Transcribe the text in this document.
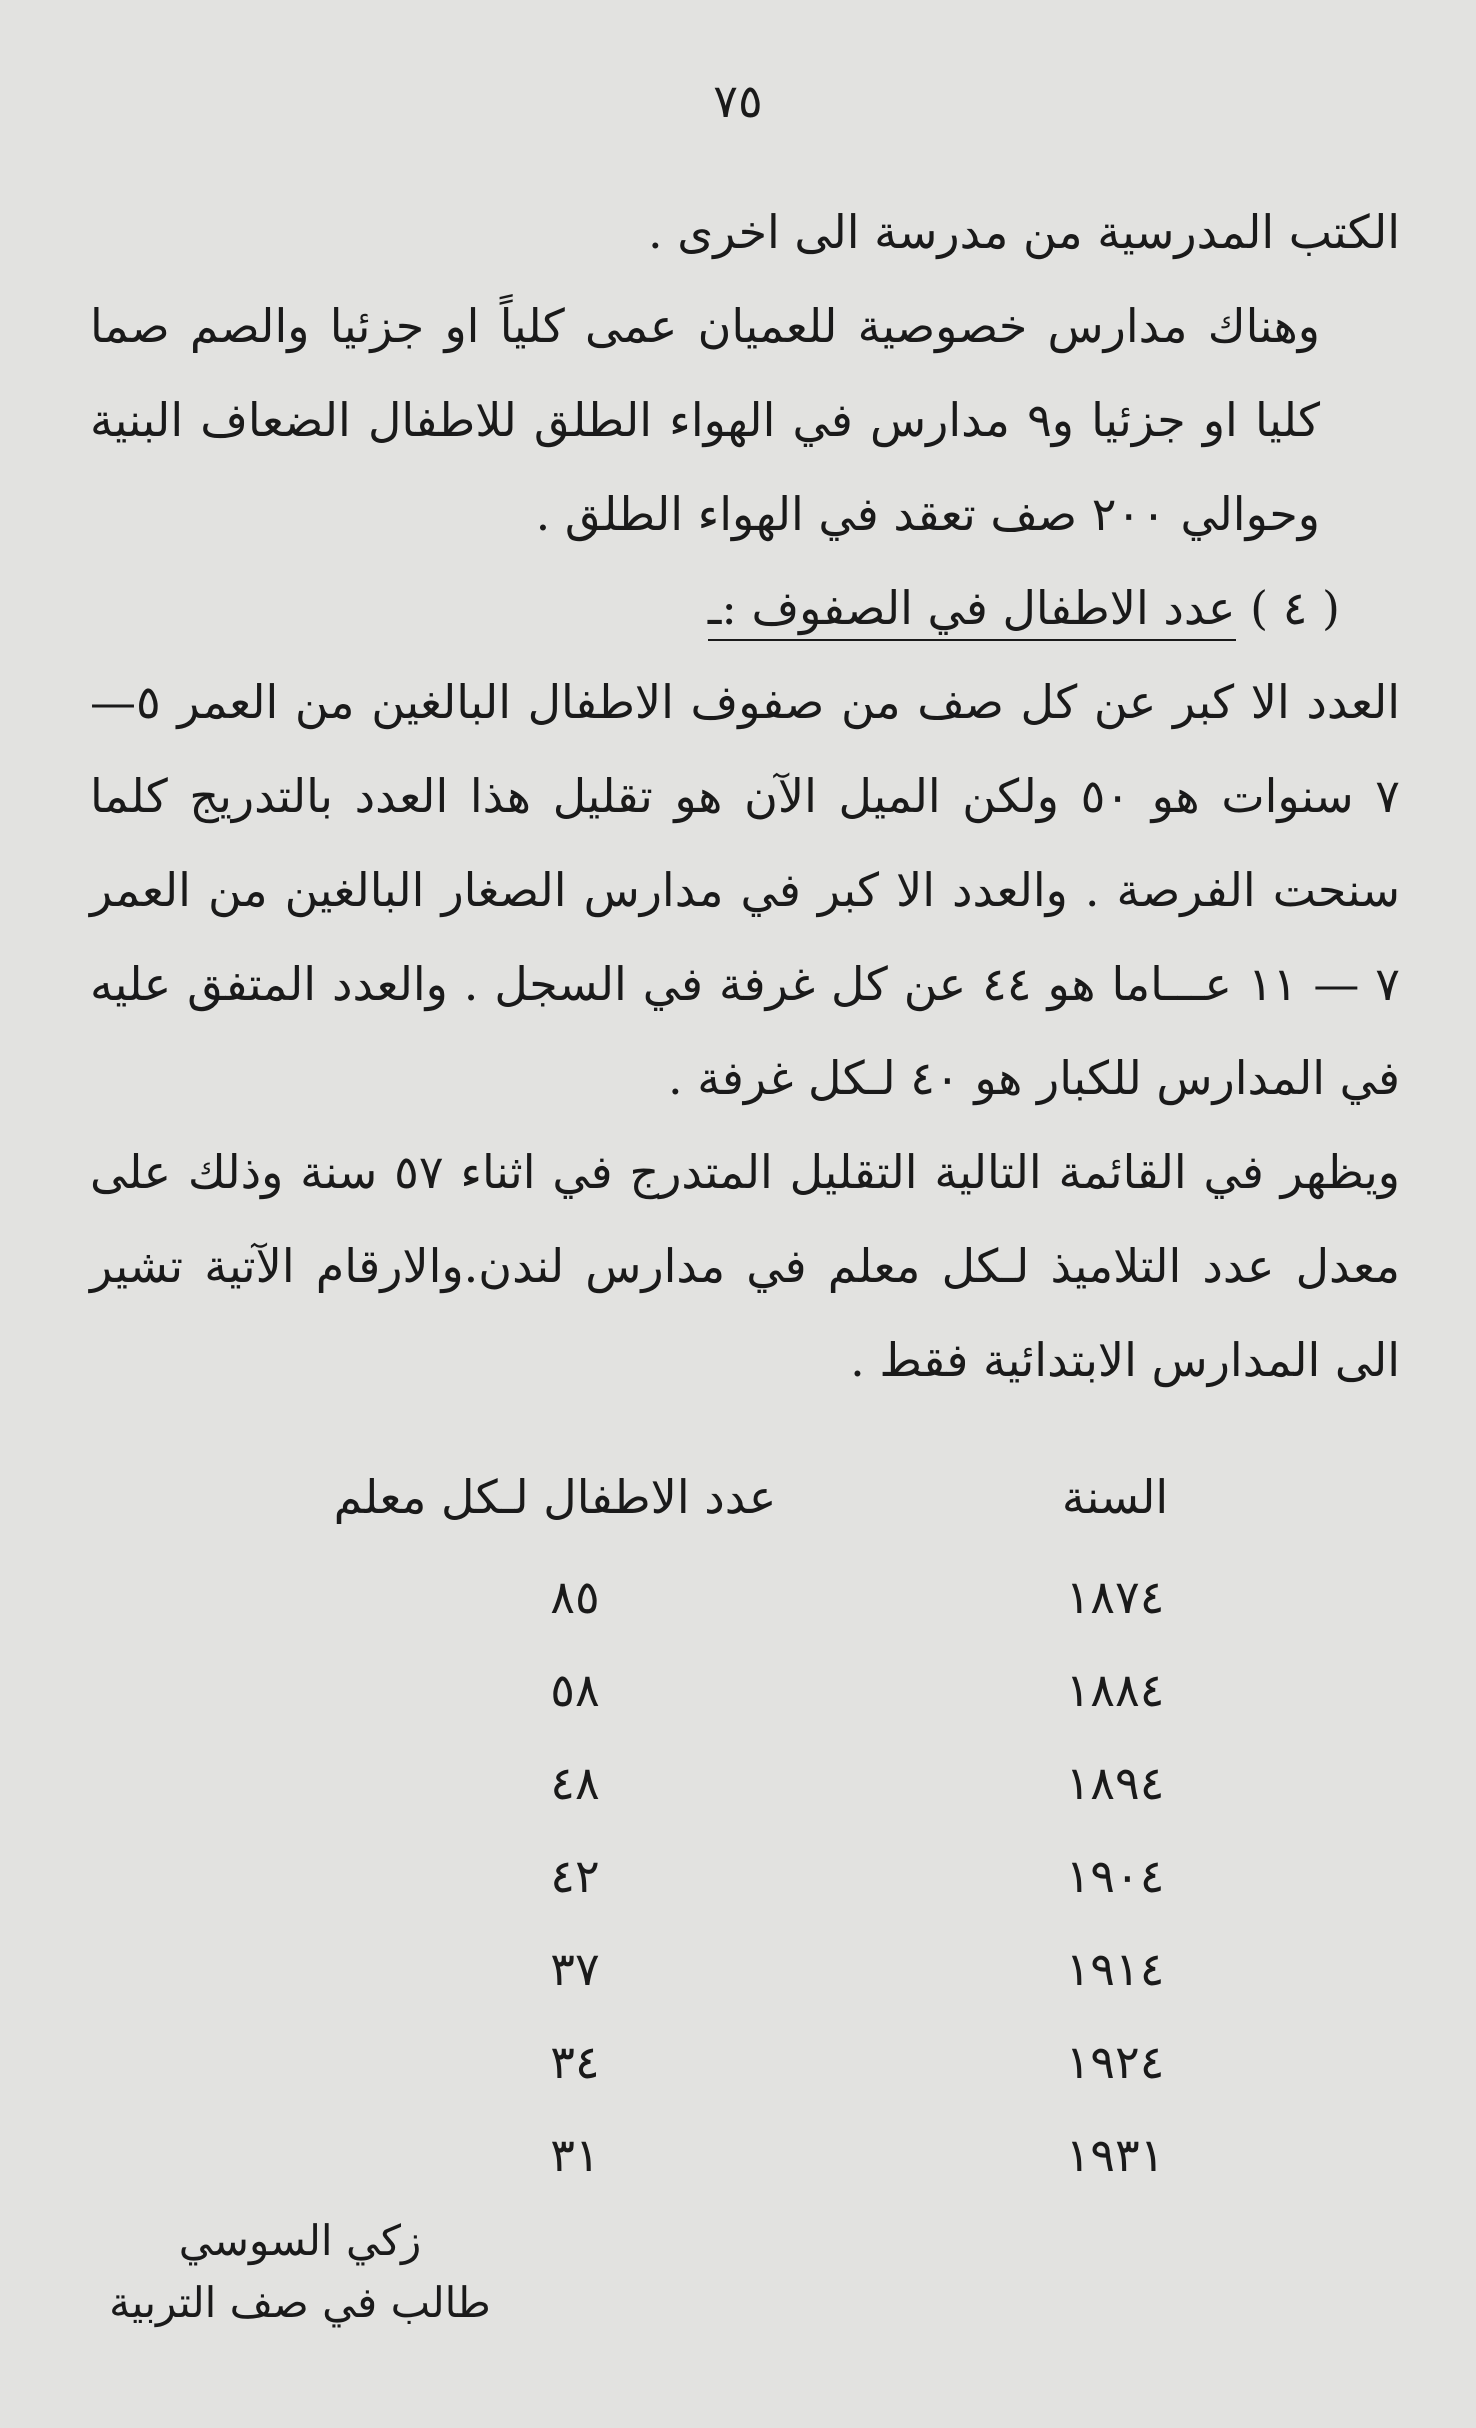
٧٥

الكتب المدرسية من مدرسة الى اخرى .

وهناك مدارس خصوصية للعميان عمى كلياً او جزئيا والصم صما كليا او جزئيا و٩ مدارس في الهواء الطلق للاطفال الضعاف البنية وحوالي ٢٠٠ صف تعقد في الهواء الطلق .

( ٤ ) عدد الاطفال في الصفوف :ـ

العدد الا كبر عن كل صف من صفوف الاطفال البالغين من العمر ٥—٧ سنوات هو ٥٠ ولكن الميل الآن هو تقليل هذا العدد بالتدريج كلما سنحت الفرصة . والعدد الا كبر في مدارس الصغار البالغين من العمر ٧ — ١١ عـــاما هو ٤٤ عن كل غرفة في السجل . والعدد المتفق عليه في المدارس للكبار هو ٤٠ لـكل غرفة .

ويظهر في القائمة التالية التقليل المتدرج في اثناء ٥٧ سنة وذلك على معدل عدد التلاميذ لـكل معلم في مدارس لندن.والارقام الآتية تشير الى المدارس الابتدائية فقط .

السنة
عدد الاطفال لـكل معلم
١٨٧٤
٨٥
١٨٨٤
٥٨
١٨٩٤
٤٨
١٩٠٤
٤٢
١٩١٤
٣٧
١٩٢٤
٣٤
١٩٣١
٣١
زكي السوسي
طالب في صف التربية
